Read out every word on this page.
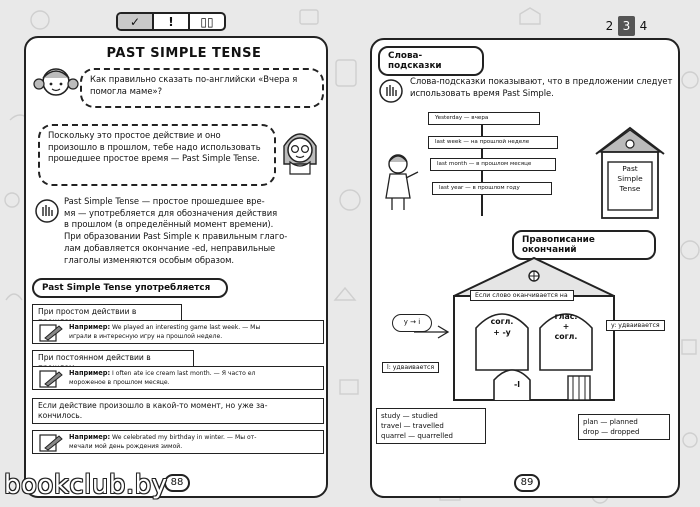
✓	!	▯▯	2 3 4
PAST SIMPLE TENSE
Как правильно сказать по-английски «Вчера я помогла маме»?
Поскольку это простое действие и оно произошло в прошлом, тебе надо использовать прошедшее простое время — Past Simple Tense.
Past Simple Tense — простое прошедшее вре-
мя — употребляется для обозначения действия
в прошлом (в определённый момент времени).
При образовании Past Simple к правильным глаго-
лам добавляется окончание -ed, неправильные
глаголы изменяются особым образом.
Past Simple Tense употребляется
При простом действии в
Например: We played an interesting game last week. — Мы
играли в интересную игру на прошлой неделе.
При постоянном действии в
Например: I often ate ice cream last month. — Я часто ел
мороженое в прошлом месяце.
Если действие произошло в какой-то момент, но уже за-
кончилось.
Например: We celebrated my birthday in winter. — Мы от-
мечали мой день рождения зимой.
88
Слова-подсказки
Слова-подсказки показывают, что в предложении следует использовать время Past Simple.
Yesterday — вчера
last week — на прошлой неделе
last month — в прошлом месяце
last year — в прошлом году
Past
Simple
Tense
Правописание окончаний
Если слово оканчивается на
y → i	y: удваивается
l: удваивается
согл.
+ -y
глас.
+
согл.
-l
study — studied
travel — travelled
quarrel — quarrelled
plan — planned
drop — dropped
89
bookclub.by
